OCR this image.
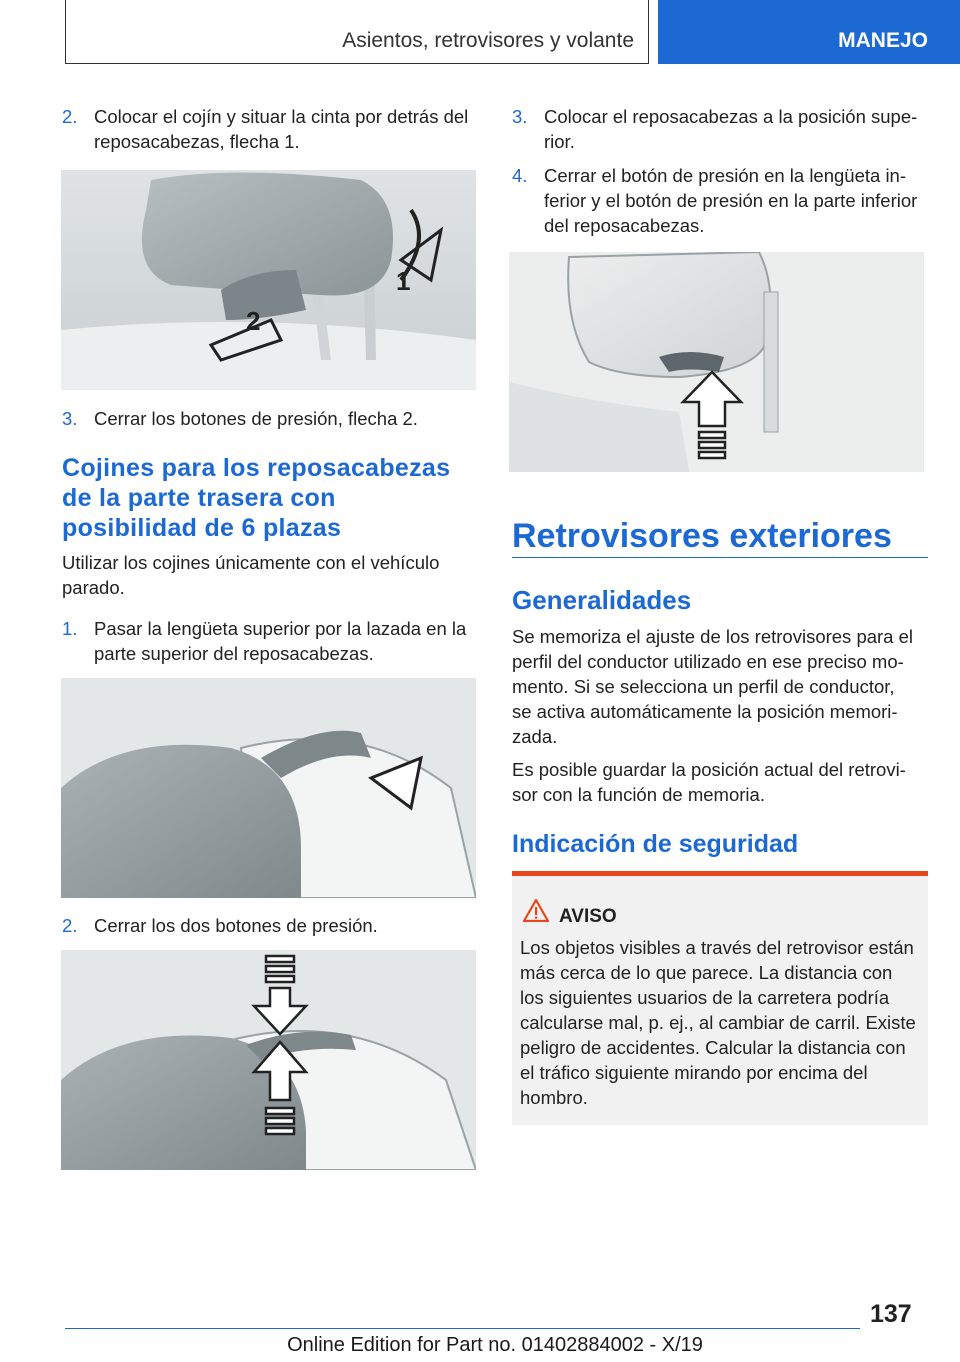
Asientos, retrovisores y volante	MANEJO
2. Colocar el cojín y situar la cinta por detrás del
reposacabezas, flecha 1.
1
2
3. Cerrar los botones de presión, flecha 2.
Cojines para los reposacabezas
de la parte trasera con
posibilidad de 6 plazas
Utilizar los cojines únicamente con el vehículo
parado.
1. Pasar la lengüeta superior por la lazada en la
parte superior del reposacabezas.
2. Cerrar los dos botones de presión.
3. Colocar el reposacabezas a la posición supe-
rior.
4. Cerrar el botón de presión en la lengüeta in-
ferior y el botón de presión en la parte inferior
del reposacabezas.
Retrovisores exteriores
Generalidades
Se memoriza el ajuste de los retrovisores para el
perfil del conductor utilizado en ese preciso mo-
mento. Si se selecciona un perfil de conductor,
se activa automáticamente la posición memori-
zada.
Es posible guardar la posición actual del retrovi-
sor con la función de memoria.
Indicación de seguridad
AVISO
Los objetos visibles a través del retrovisor están
más cerca de lo que parece. La distancia con
los siguientes usuarios de la carretera podría
calcularse mal, p. ej., al cambiar de carril. Existe
peligro de accidentes. Calcular la distancia con
el tráfico siguiente mirando por encima del
hombro.
137
Online Edition for Part no. 01402884002 - X/19
